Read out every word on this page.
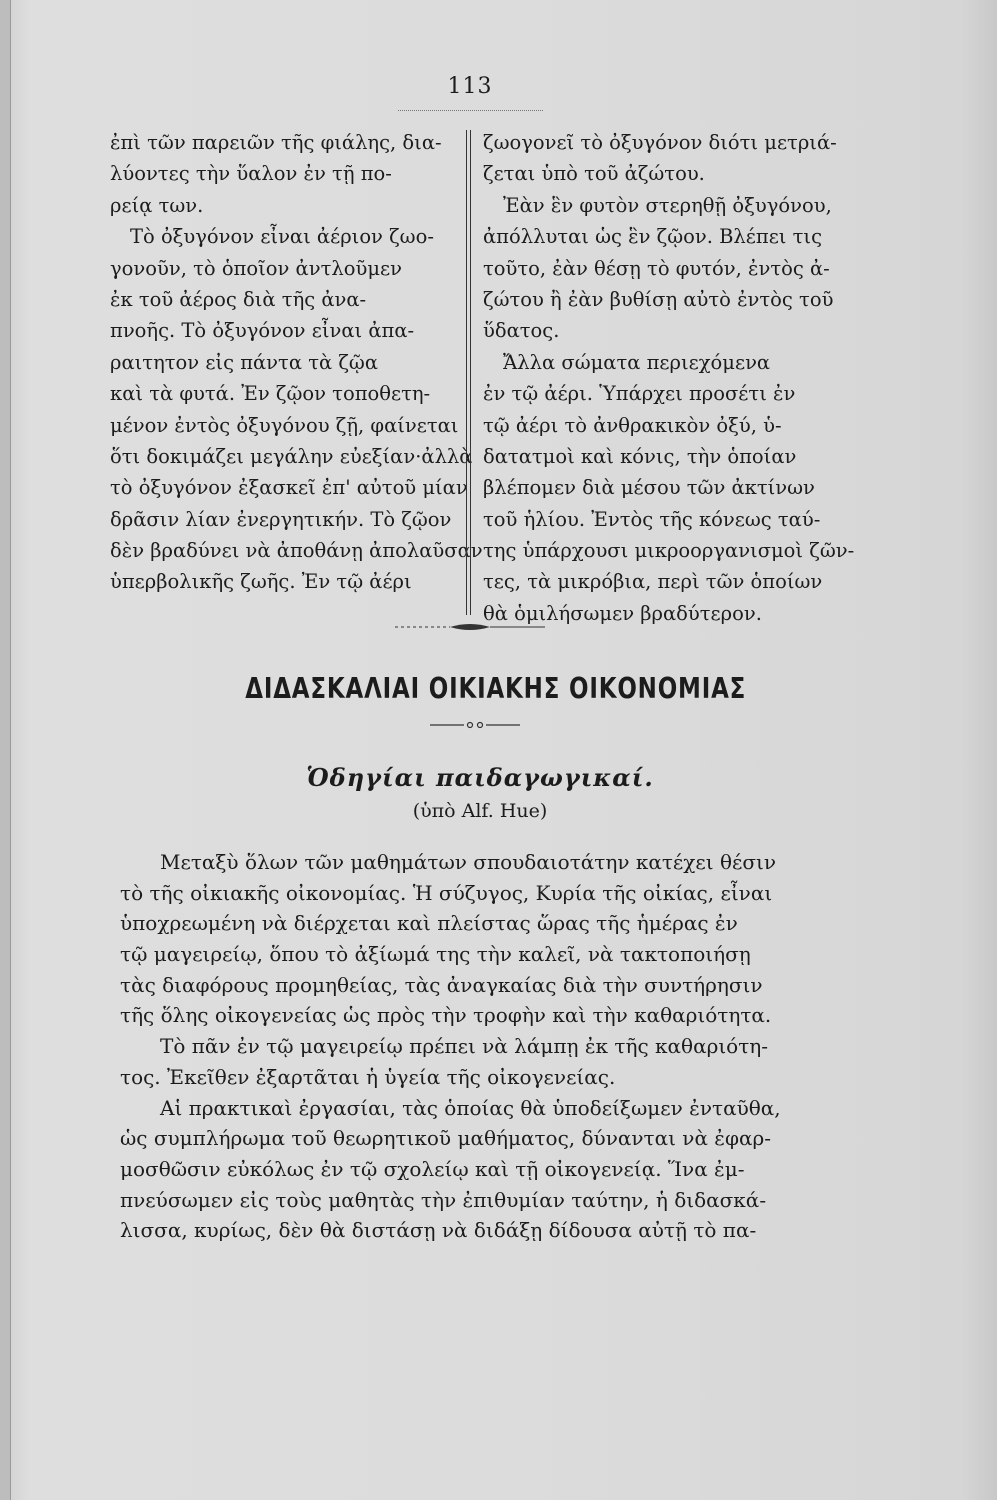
113
ἐπὶ τῶν παρειῶν τῆς φιάλης, δια-
λύοντες τὴν ὕαλον ἐν τῇ πο-
ρείᾳ των.
Τὸ ὀξυγόνον εἶναι ἀέριον ζωο-
γονοῦν, τὸ ὁποῖον ἀντλοῦμεν
ἐκ τοῦ ἀέρος διὰ τῆς ἀνα-
πνοῆς. Τὸ ὀξυγόνον εἶναι ἀπα-
ραιτητον εἰς πάντα τὰ ζῷα
καὶ τὰ φυτά. Ἐν ζῷον τοποθετη-
μένον ἐντὸς ὀξυγόνου ζῇ, φαίνεται
ὅτι δοκιμάζει μεγάλην εὐεξίαν·ἀλλὰ
τὸ ὀξυγόνον ἐξασκεῖ ἐπ' αὐτοῦ μίαν
δρᾶσιν λίαν ἐνεργητικήν. Τὸ ζῷον
δὲν βραδύνει νὰ ἀποθάνῃ ἀπολαῦσαν
ὑπερβολικῆς ζωῆς. Ἐν τῷ ἀέρι
ζωογονεῖ τὸ ὀξυγόνον διότι μετριά-
ζεται ὑπὸ τοῦ ἀζώτου.
Ἐὰν ἓν φυτὸν στερηθῇ ὀξυγόνου,
ἀπόλλυται ὡς ἓν ζῷον. Βλέπει τις
τοῦτο, ἐὰν θέσῃ τὸ φυτόν, ἐντὸς ἀ-
ζώτου ἢ ἐὰν βυθίσῃ αὐτὸ ἐντὸς τοῦ
ὕδατος.
Ἄλλα σώματα περιεχόμενα
ἐν τῷ ἀέρι. Ὑπάρχει προσέτι ἐν
τῷ ἀέρι τὸ ἀνθρακικὸν ὀξύ, ὑ-
δατατμοὶ καὶ κόνις, τὴν ὁποίαν
βλέπομεν διὰ μέσου τῶν ἀκτίνων
τοῦ ἡλίου. Ἐντὸς τῆς κόνεως ταύ-
της ὑπάρχουσι μικροοργανισμοὶ ζῶν-
τες, τὰ μικρόβια, περὶ τῶν ὁποίων
θὰ ὁμιλήσωμεν βραδύτερον.
ΔΙΔΑΣΚΑΛΙΑΙ ΟΙΚΙΑΚΗΣ ΟΙΚΟΝΟΜΙΑΣ
Ὁδηγίαι παιδαγωγικαί.
(ὑπὸ Alf. Hue)
Μεταξὺ ὅλων τῶν μαθημάτων σπουδαιοτάτην κατέχει θέσιν
τὸ τῆς οἰκιακῆς οἰκονομίας. Ἡ σύζυγος, Κυρία τῆς οἰκίας, εἶναι
ὑποχρεωμένη νὰ διέρχεται καὶ πλείστας ὥρας τῆς ἡμέρας ἐν
τῷ μαγειρείῳ, ὅπου τὸ ἀξίωμά της τὴν καλεῖ, νὰ τακτοποιήσῃ
τὰς διαφόρους προμηθείας, τὰς ἀναγκαίας διὰ τὴν συντήρησιν
τῆς ὅλης οἰκογενείας ὡς πρὸς τὴν τροφὴν καὶ τὴν καθαριότητα.
Τὸ πᾶν ἐν τῷ μαγειρείῳ πρέπει νὰ λάμπῃ ἐκ τῆς καθαριότη-
τος. Ἐκεῖθεν ἐξαρτᾶται ἡ ὑγεία τῆς οἰκογενείας.
Αἱ πρακτικαὶ ἐργασίαι, τὰς ὁποίας θὰ ὑποδείξωμεν ἐνταῦθα,
ὡς συμπλήρωμα τοῦ θεωρητικοῦ μαθήματος, δύνανται νὰ ἐφαρ-
μοσθῶσιν εὐκόλως ἐν τῷ σχολείῳ καὶ τῇ οἰκογενείᾳ. Ἵνα ἐμ-
πνεύσωμεν εἰς τοὺς μαθητὰς τὴν ἐπιθυμίαν ταύτην, ἡ διδασκά-
λισσα, κυρίως, δὲν θὰ διστάσῃ νὰ διδάξῃ δίδουσα αὐτῇ τὸ πα-
